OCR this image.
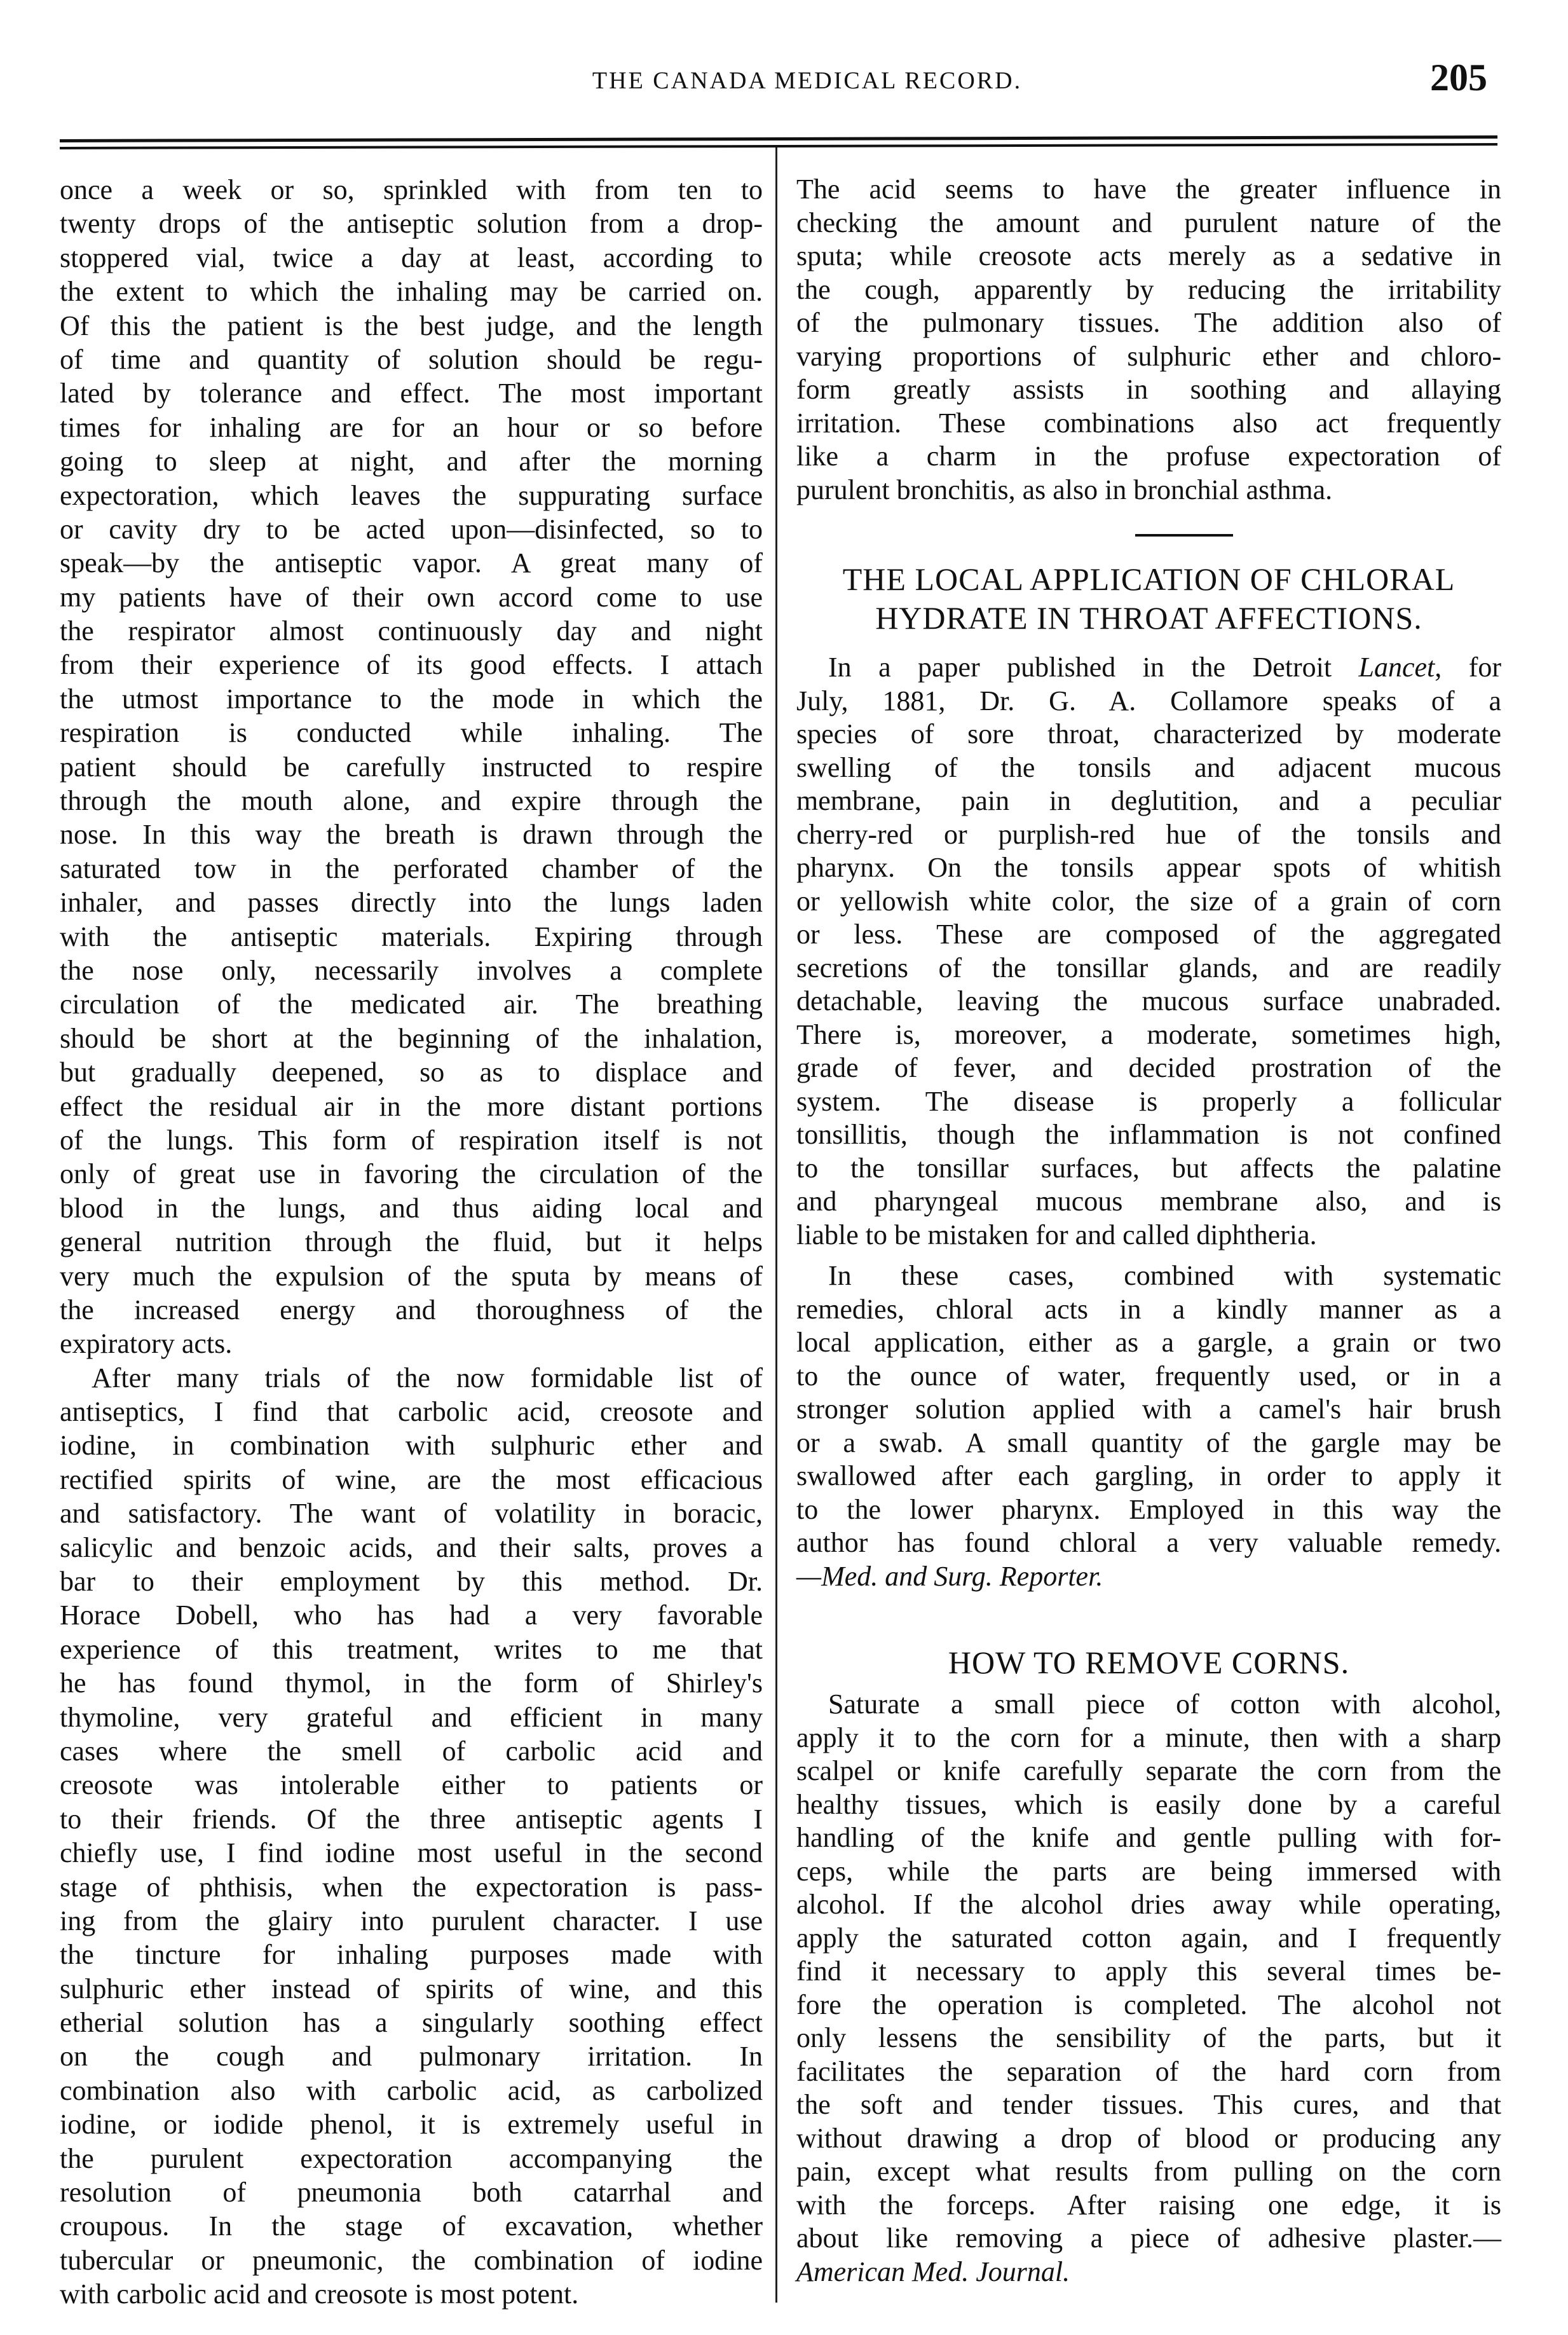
THE CANADA MEDICAL RECORD.	205
once a week or so, sprinkled with from ten to
twenty drops of the antiseptic solution from a drop-
stoppered vial, twice a day at least, according to
the extent to which the inhaling may be carried on.
Of this the patient is the best judge, and the length
of time and quantity of solution should be regu-
lated by tolerance and effect. The most important
times for inhaling are for an hour or so before
going to sleep at night, and after the morning
expectoration, which leaves the suppurating surface
or cavity dry to be acted upon—disinfected, so to
speak—by the antiseptic vapor. A great many of
my patients have of their own accord come to use
the respirator almost continuously day and night
from their experience of its good effects. I attach
the utmost importance to the mode in which the
respiration is conducted while inhaling. The
patient should be carefully instructed to respire
through the mouth alone, and expire through the
nose. In this way the breath is drawn through the
saturated tow in the perforated chamber of the
inhaler, and passes directly into the lungs laden
with the antiseptic materials. Expiring through
the nose only, necessarily involves a complete
circulation of the medicated air. The breathing
should be short at the beginning of the inhalation,
but gradually deepened, so as to displace and
effect the residual air in the more distant portions
of the lungs. This form of respiration itself is not
only of great use in favoring the circulation of the
blood in the lungs, and thus aiding local and
general nutrition through the fluid, but it helps
very much the expulsion of the sputa by means of
the increased energy and thoroughness of the
expiratory acts.
After many trials of the now formidable list of
antiseptics, I find that carbolic acid, creosote and
iodine, in combination with sulphuric ether and
rectified spirits of wine, are the most efficacious
and satisfactory. The want of volatility in boracic,
salicylic and benzoic acids, and their salts, proves a
bar to their employment by this method. Dr.
Horace Dobell, who has had a very favorable
experience of this treatment, writes to me that
he has found thymol, in the form of Shirley's
thymoline, very grateful and efficient in many
cases where the smell of carbolic acid and
creosote was intolerable either to patients or
to their friends. Of the three antiseptic agents I
chiefly use, I find iodine most useful in the second
stage of phthisis, when the expectoration is pass-
ing from the glairy into purulent character. I use
the tincture for inhaling purposes made with
sulphuric ether instead of spirits of wine, and this
etherial solution has a singularly soothing effect
on the cough and pulmonary irritation. In
combination also with carbolic acid, as carbolized
iodine, or iodide phenol, it is extremely useful in
the purulent expectoration accompanying the
resolution of pneumonia both catarrhal and
croupous. In the stage of excavation, whether
tubercular or pneumonic, the combination of iodine
with carbolic acid and creosote is most potent.
The acid seems to have the greater influence in
checking the amount and purulent nature of the
sputa; while creosote acts merely as a sedative in
the cough, apparently by reducing the irritability
of the pulmonary tissues. The addition also of
varying proportions of sulphuric ether and chloro-
form greatly assists in soothing and allaying
irritation. These combinations also act frequently
like a charm in the profuse expectoration of
purulent bronchitis, as also in bronchial asthma.
THE LOCAL APPLICATION OF CHLORAL
HYDRATE IN THROAT AFFECTIONS.
In a paper published in the Detroit Lancet, for
July, 1881, Dr. G. A. Collamore speaks of a
species of sore throat, characterized by moderate
swelling of the tonsils and adjacent mucous
membrane, pain in deglutition, and a peculiar
cherry-red or purplish-red hue of the tonsils and
pharynx. On the tonsils appear spots of whitish
or yellowish white color, the size of a grain of corn
or less. These are composed of the aggregated
secretions of the tonsillar glands, and are readily
detachable, leaving the mucous surface unabraded.
There is, moreover, a moderate, sometimes high,
grade of fever, and decided prostration of the
system. The disease is properly a follicular
tonsillitis, though the inflammation is not confined
to the tonsillar surfaces, but affects the palatine
and pharyngeal mucous membrane also, and is
liable to be mistaken for and called diphtheria.
In these cases, combined with systematic
remedies, chloral acts in a kindly manner as a
local application, either as a gargle, a grain or two
to the ounce of water, frequently used, or in a
stronger solution applied with a camel's hair brush
or a swab. A small quantity of the gargle may be
swallowed after each gargling, in order to apply it
to the lower pharynx. Employed in this way the
author has found chloral a very valuable remedy.
—Med. and Surg. Reporter.
HOW TO REMOVE CORNS.
Saturate a small piece of cotton with alcohol,
apply it to the corn for a minute, then with a sharp
scalpel or knife carefully separate the corn from the
healthy tissues, which is easily done by a careful
handling of the knife and gentle pulling with for-
ceps, while the parts are being immersed with
alcohol. If the alcohol dries away while operating,
apply the saturated cotton again, and I frequently
find it necessary to apply this several times be-
fore the operation is completed. The alcohol not
only lessens the sensibility of the parts, but it
facilitates the separation of the hard corn from
the soft and tender tissues. This cures, and that
without drawing a drop of blood or producing any
pain, except what results from pulling on the corn
with the forceps. After raising one edge, it is
about like removing a piece of adhesive plaster.—
American Med. Journal.
